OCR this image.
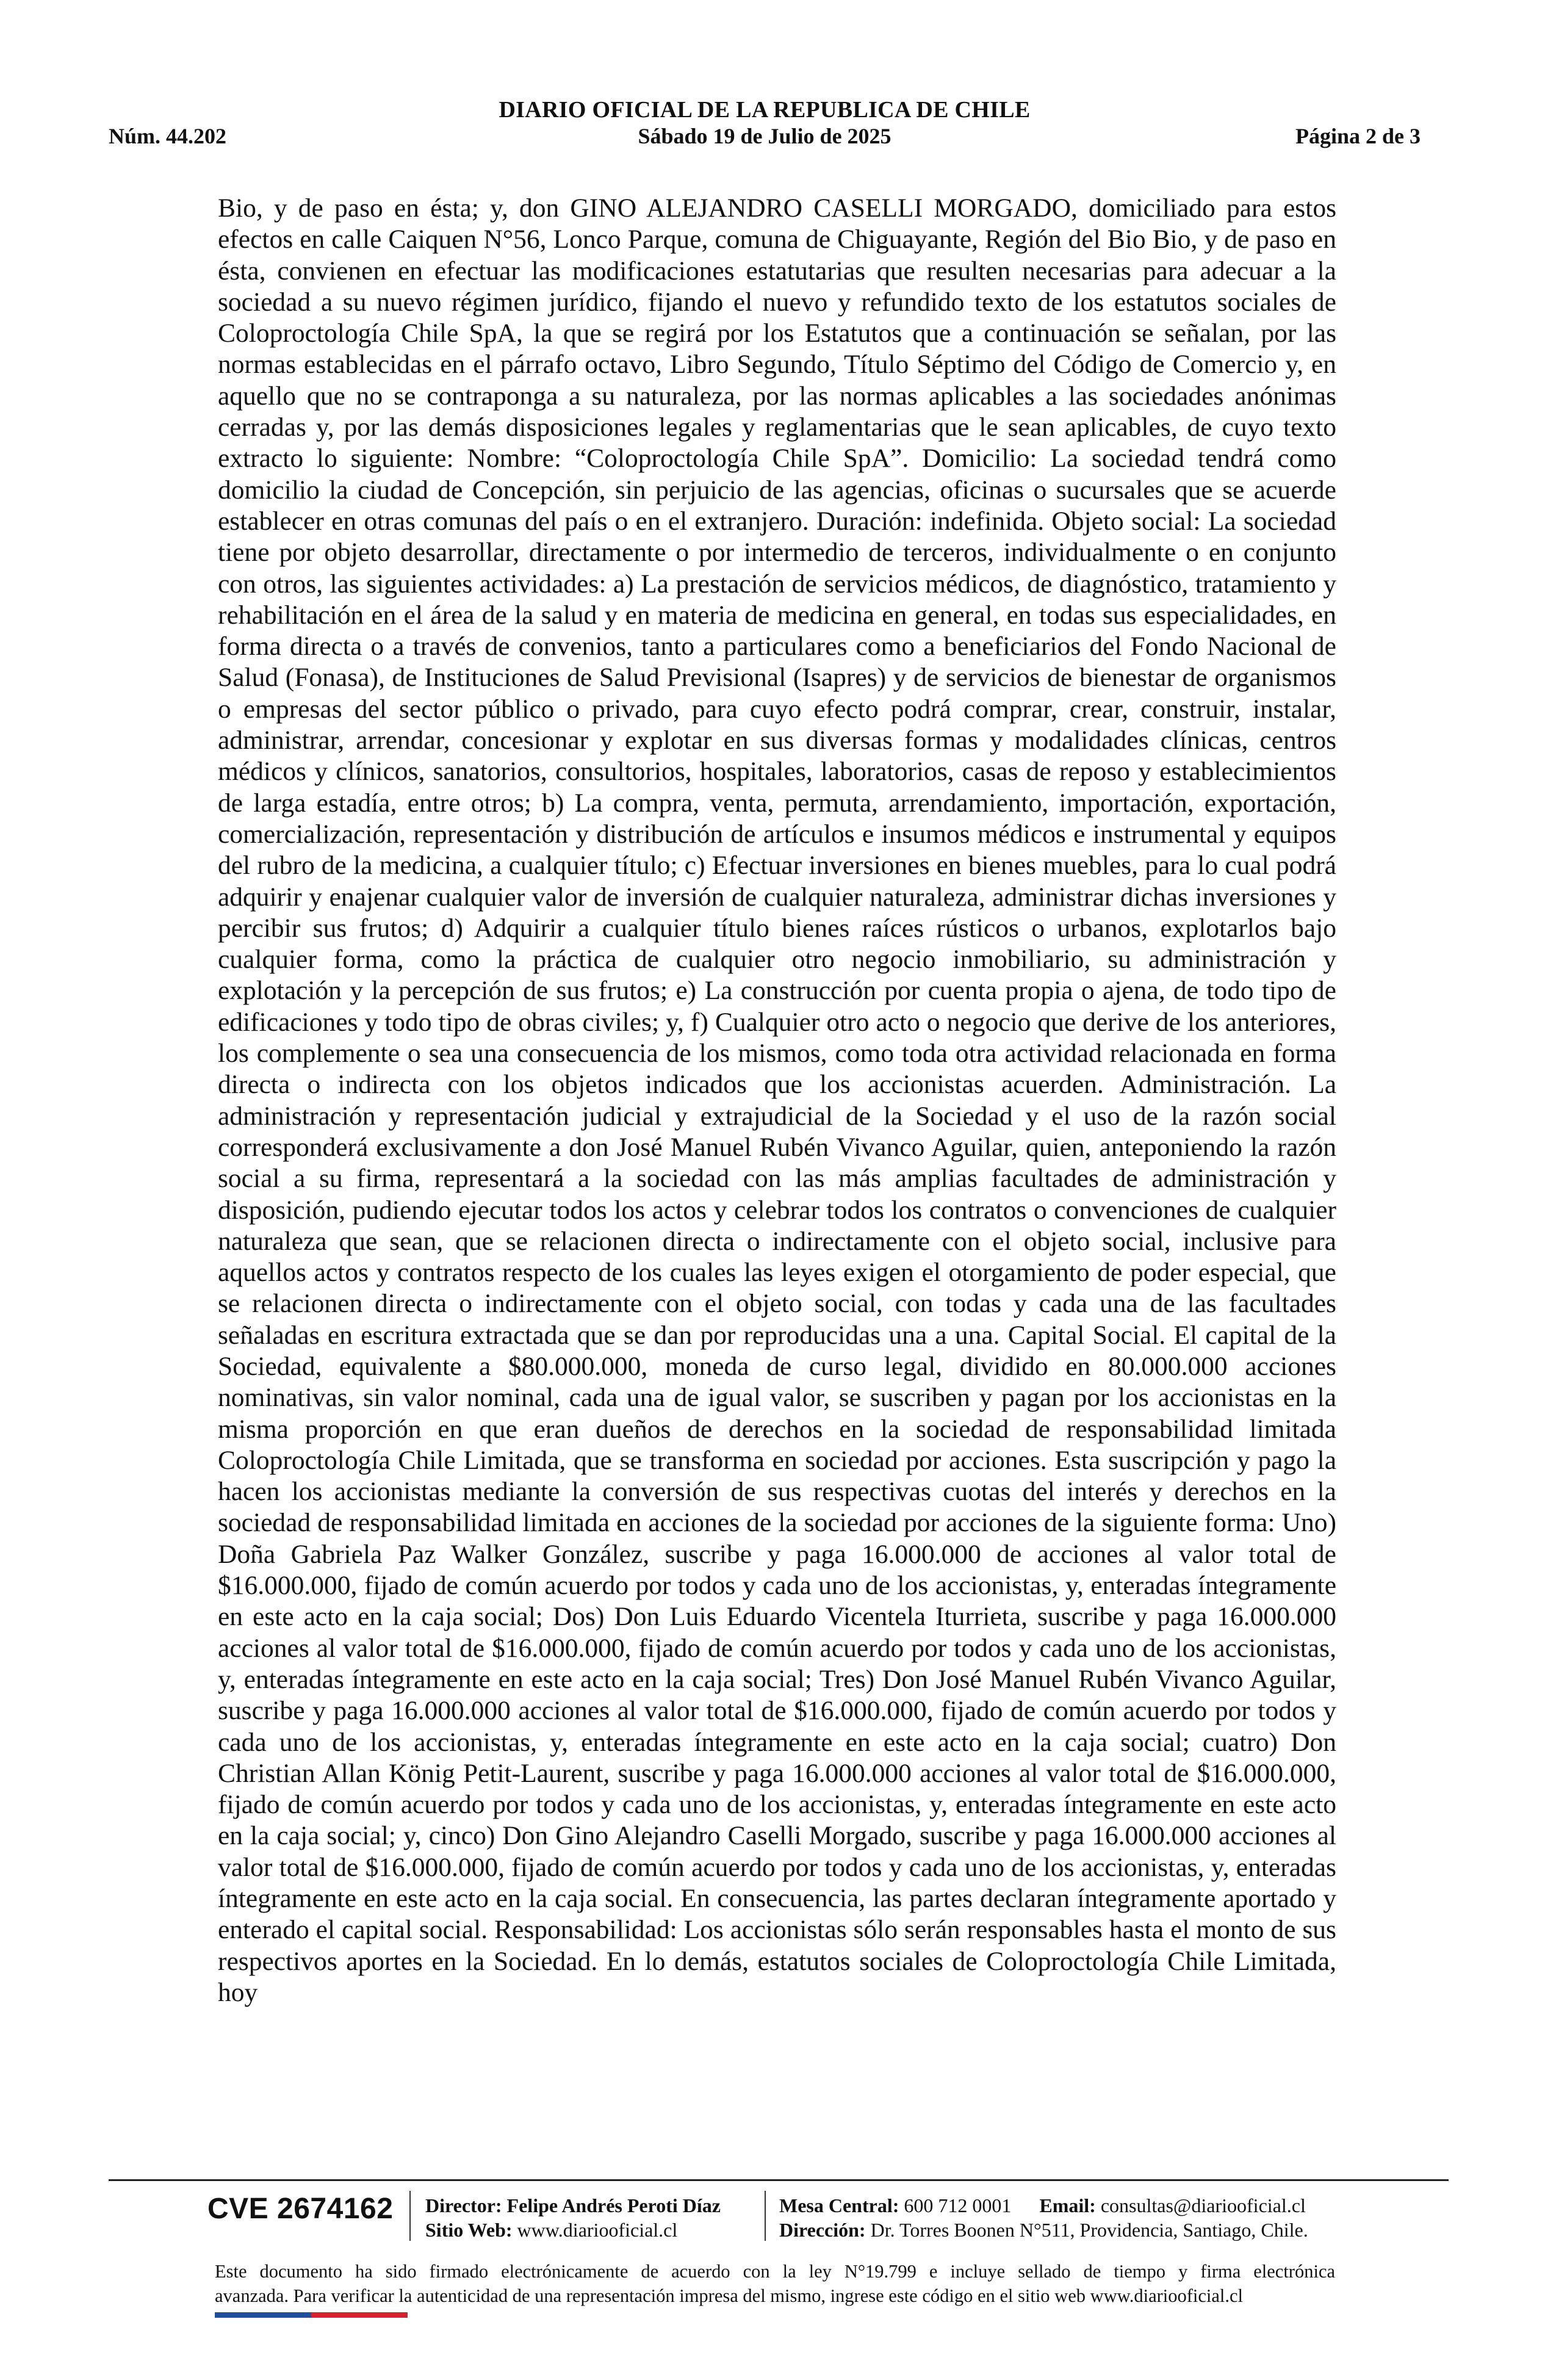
DIARIO OFICIAL DE LA REPUBLICA DE CHILE
Núm. 44.202	Sábado 19 de Julio de 2025	Página 2 de 3

Bio, y de paso en ésta; y, don GINO ALEJANDRO CASELLI MORGADO, domiciliado para estos efectos en calle Caiquen N°56, Lonco Parque, comuna de Chiguayante, Región del Bio Bio, y de paso en ésta, convienen en efectuar las modificaciones estatutarias que resulten necesarias para adecuar a la sociedad a su nuevo régimen jurídico, fijando el nuevo y refundido texto de los estatutos sociales de Coloproctología Chile SpA, la que se regirá por los Estatutos que a continuación se señalan, por las normas establecidas en el párrafo octavo, Libro Segundo, Título Séptimo del Código de Comercio y, en aquello que no se contraponga a su naturaleza, por las normas aplicables a las sociedades anónimas cerradas y, por las demás disposiciones legales y reglamentarias que le sean aplicables, de cuyo texto extracto lo siguiente: Nombre: “Coloproctología Chile SpA”. Domicilio: La sociedad tendrá como domicilio la ciudad de Concepción, sin perjuicio de las agencias, oficinas o sucursales que se acuerde establecer en otras comunas del país o en el extranjero. Duración: indefinida. Objeto social: La sociedad tiene por objeto desarrollar, directamente o por intermedio de terceros, individualmente o en conjunto con otros, las siguientes actividades: a) La prestación de servicios médicos, de diagnóstico, tratamiento y rehabilitación en el área de la salud y en materia de medicina en general, en todas sus especialidades, en forma directa o a través de convenios, tanto a particulares como a beneficiarios del Fondo Nacional de Salud (Fonasa), de Instituciones de Salud Previsional (Isapres) y de servicios de bienestar de organismos o empresas del sector público o privado, para cuyo efecto podrá comprar, crear, construir, instalar, administrar, arrendar, concesionar y explotar en sus diversas formas y modalidades clínicas, centros médicos y clínicos, sanatorios, consultorios, hospitales, laboratorios, casas de reposo y establecimientos de larga estadía, entre otros; b) La compra, venta, permuta, arrendamiento, importación, exportación, comercialización, representación y distribución de artículos e insumos médicos e instrumental y equipos del rubro de la medicina, a cualquier título; c) Efectuar inversiones en bienes muebles, para lo cual podrá adquirir y enajenar cualquier valor de inversión de cualquier naturaleza, administrar dichas inversiones y percibir sus frutos; d) Adquirir a cualquier título bienes raíces rústicos o urbanos, explotarlos bajo cualquier forma, como la práctica de cualquier otro negocio inmobiliario, su administración y explotación y la percepción de sus frutos; e) La construcción por cuenta propia o ajena, de todo tipo de edificaciones y todo tipo de obras civiles; y, f) Cualquier otro acto o negocio que derive de los anteriores, los complemente o sea una consecuencia de los mismos, como toda otra actividad relacionada en forma directa o indirecta con los objetos indicados que los accionistas acuerden. Administración. La administración y representación judicial y extrajudicial de la Sociedad y el uso de la razón social corresponderá exclusivamente a don José Manuel Rubén Vivanco Aguilar, quien, anteponiendo la razón social a su firma, representará a la sociedad con las más amplias facultades de administración y disposición, pudiendo ejecutar todos los actos y celebrar todos los contratos o convenciones de cualquier naturaleza que sean, que se relacionen directa o indirectamente con el objeto social, inclusive para aquellos actos y contratos respecto de los cuales las leyes exigen el otorgamiento de poder especial, que se relacionen directa o indirectamente con el objeto social, con todas y cada una de las facultades señaladas en escritura extractada que se dan por reproducidas una a una. Capital Social. El capital de la Sociedad, equivalente a $80.000.000, moneda de curso legal, dividido en 80.000.000 acciones nominativas, sin valor nominal, cada una de igual valor, se suscriben y pagan por los accionistas en la misma proporción en que eran dueños de derechos en la sociedad de responsabilidad limitada Coloproctología Chile Limitada, que se transforma en sociedad por acciones. Esta suscripción y pago la hacen los accionistas mediante la conversión de sus respectivas cuotas del interés y derechos en la sociedad de responsabilidad limitada en acciones de la sociedad por acciones de la siguiente forma: Uno) Doña Gabriela Paz Walker González, suscribe y paga 16.000.000 de acciones al valor total de $16.000.000, fijado de común acuerdo por todos y cada uno de los accionistas, y, enteradas íntegramente en este acto en la caja social; Dos) Don Luis Eduardo Vicentela Iturrieta, suscribe y paga 16.000.000 acciones al valor total de $16.000.000, fijado de común acuerdo por todos y cada uno de los accionistas, y, enteradas íntegramente en este acto en la caja social; Tres) Don José Manuel Rubén Vivanco Aguilar, suscribe y paga 16.000.000 acciones al valor total de $16.000.000, fijado de común acuerdo por todos y cada uno de los accionistas, y, enteradas íntegramente en este acto en la caja social; cuatro) Don Christian Allan König Petit-Laurent, suscribe y paga 16.000.000 acciones al valor total de $16.000.000, fijado de común acuerdo por todos y cada uno de los accionistas, y, enteradas íntegramente en este acto en la caja social; y, cinco) Don Gino Alejandro Caselli Morgado, suscribe y paga 16.000.000 acciones al valor total de $16.000.000, fijado de común acuerdo por todos y cada uno de los accionistas, y, enteradas íntegramente en este acto en la caja social. En consecuencia, las partes declaran íntegramente aportado y enterado el capital social. Responsabilidad: Los accionistas sólo serán responsables hasta el monto de sus respectivos aportes en la Sociedad. En lo demás, estatutos sociales de Coloproctología Chile Limitada, hoy

CVE 2674162 Director: Felipe Andrés Peroti Díaz
Sitio Web: www.diariooficial.cl
Mesa Central: 600 712 0001 Email: consultas@diariooficial.cl
Dirección: Dr. Torres Boonen N°511, Providencia, Santiago, Chile.
Este documento ha sido firmado electrónicamente de acuerdo con la ley N°19.799 e incluye sellado de tiempo y firma electrónica
avanzada. Para verificar la autenticidad de una representación impresa del mismo, ingrese este código en el sitio web www.diariooficial.cl
